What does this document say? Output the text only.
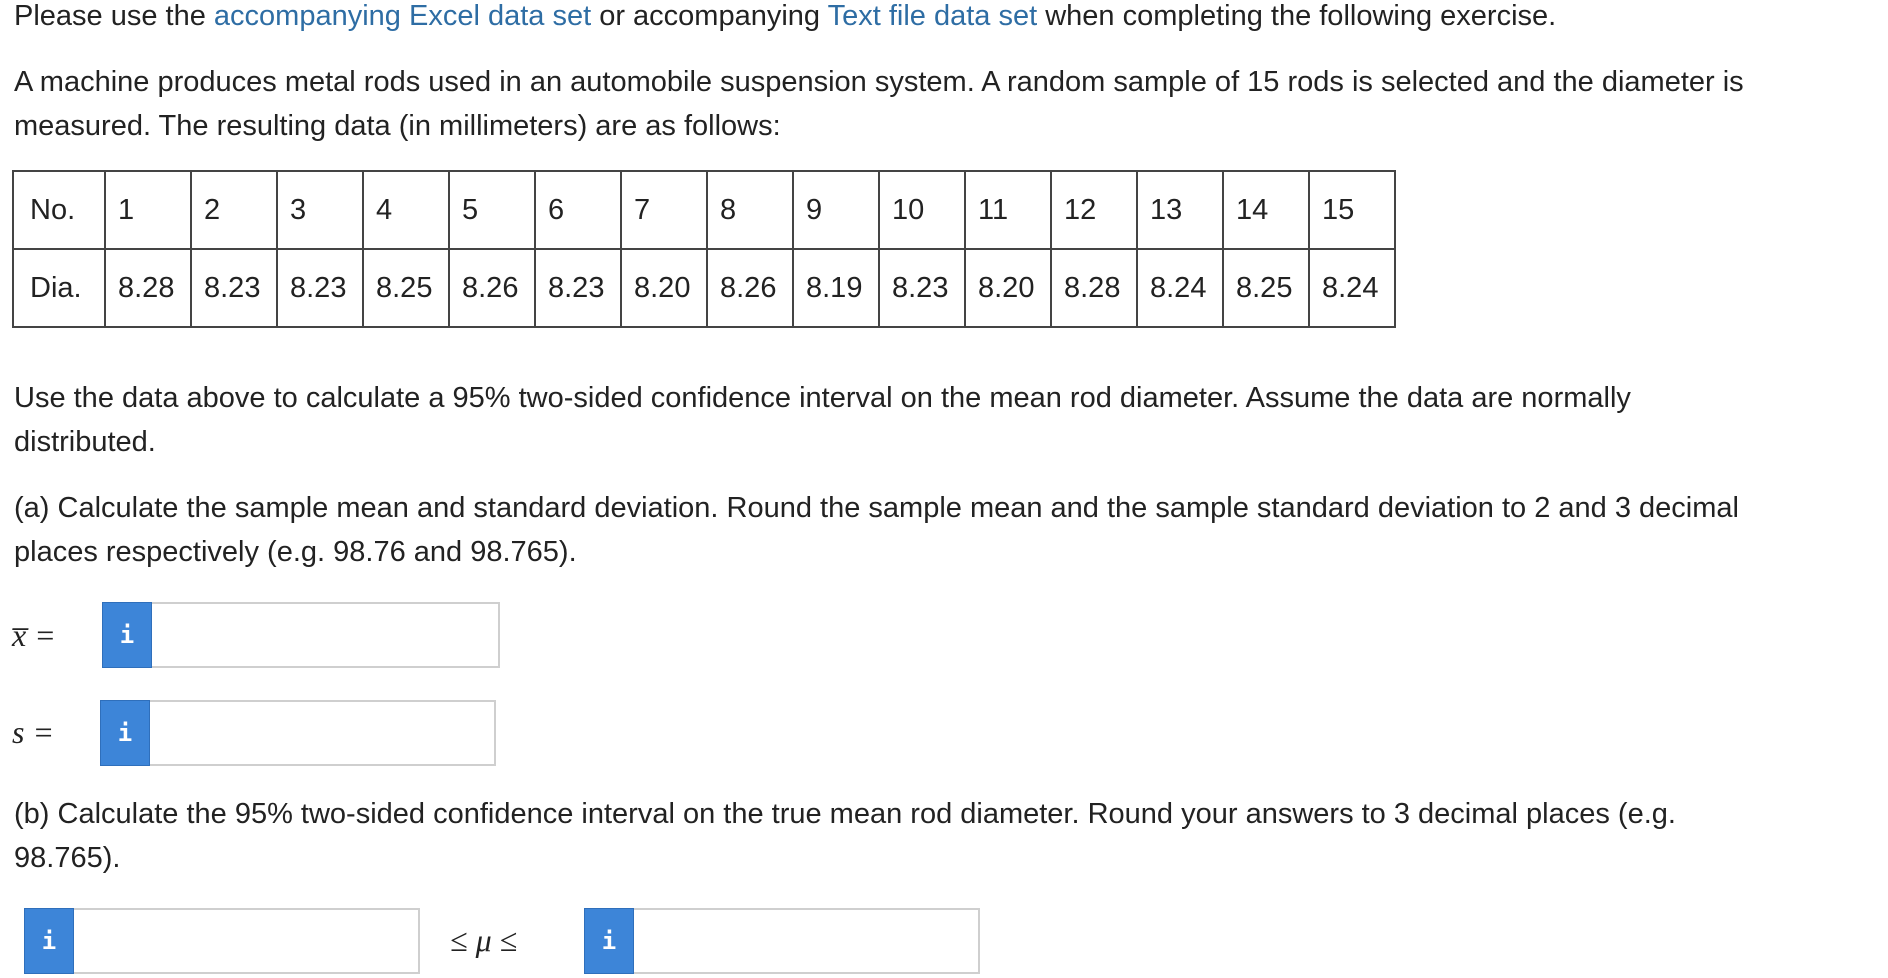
Please use the accompanying Excel data set or accompanying Text file data set when completing the following exercise.

A machine produces metal rods used in an automobile suspension system. A random sample of 15 rods is selected and the diameter is
measured. The resulting data (in millimeters) are as follows:

No.	1	2	3	4	5	6	7	8	9	10	11	12	13	14	15
Dia.	8.28	8.23	8.23	8.25	8.26	8.23	8.20	8.26	8.19	8.23	8.20	8.28	8.24	8.25	8.24

Use the data above to calculate a 95% two-sided confidence interval on the mean rod diameter. Assume the data are normally
distributed.

(a) Calculate the sample mean and standard deviation. Round the sample mean and the sample standard deviation to 2 and 3 decimal
places respectively (e.g. 98.76 and 98.765).

x̅ =	i
s =	i

(b) Calculate the 95% two-sided confidence interval on the true mean rod diameter. Round your answers to 3 decimal places (e.g.
98.765).

i	≤ μ ≤	i
